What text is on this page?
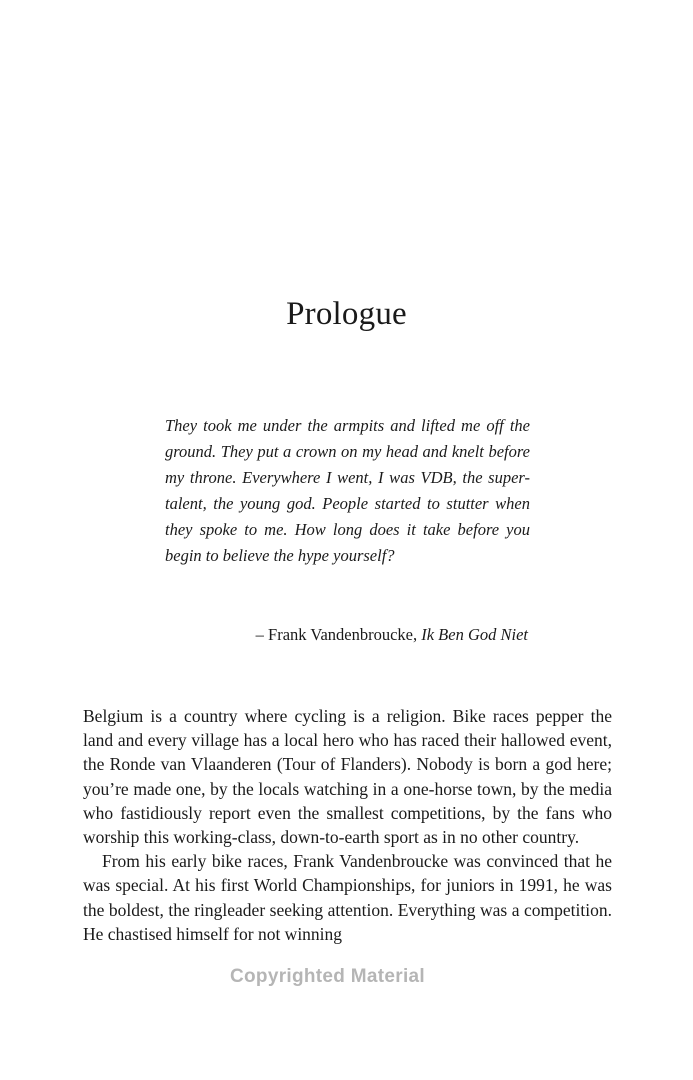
Prologue

They took me under the armpits and lifted me off the ground. They put a crown on my head and knelt before my throne. Everywhere I went, I was VDB, the super-talent, the young god. People started to stutter when they spoke to me. How long does it take before you begin to believe the hype yourself?

– Frank Vandenbroucke, Ik Ben God Niet

Belgium is a country where cycling is a religion. Bike races pepper the land and every village has a local hero who has raced their hallowed event, the Ronde van Vlaanderen (Tour of Flanders). Nobody is born a god here; you’re made one, by the locals watching in a one-horse town, by the media who fastidiously report even the smallest competitions, by the fans who worship this working-class, down-to-earth sport as in no other country.

From his early bike races, Frank Vandenbroucke was convinced that he was special. At his first World Championships, for juniors in 1991, he was the boldest, the ringleader seeking attention. Everything was a competition. He chastised himself for not winning

Copyrighted Material
